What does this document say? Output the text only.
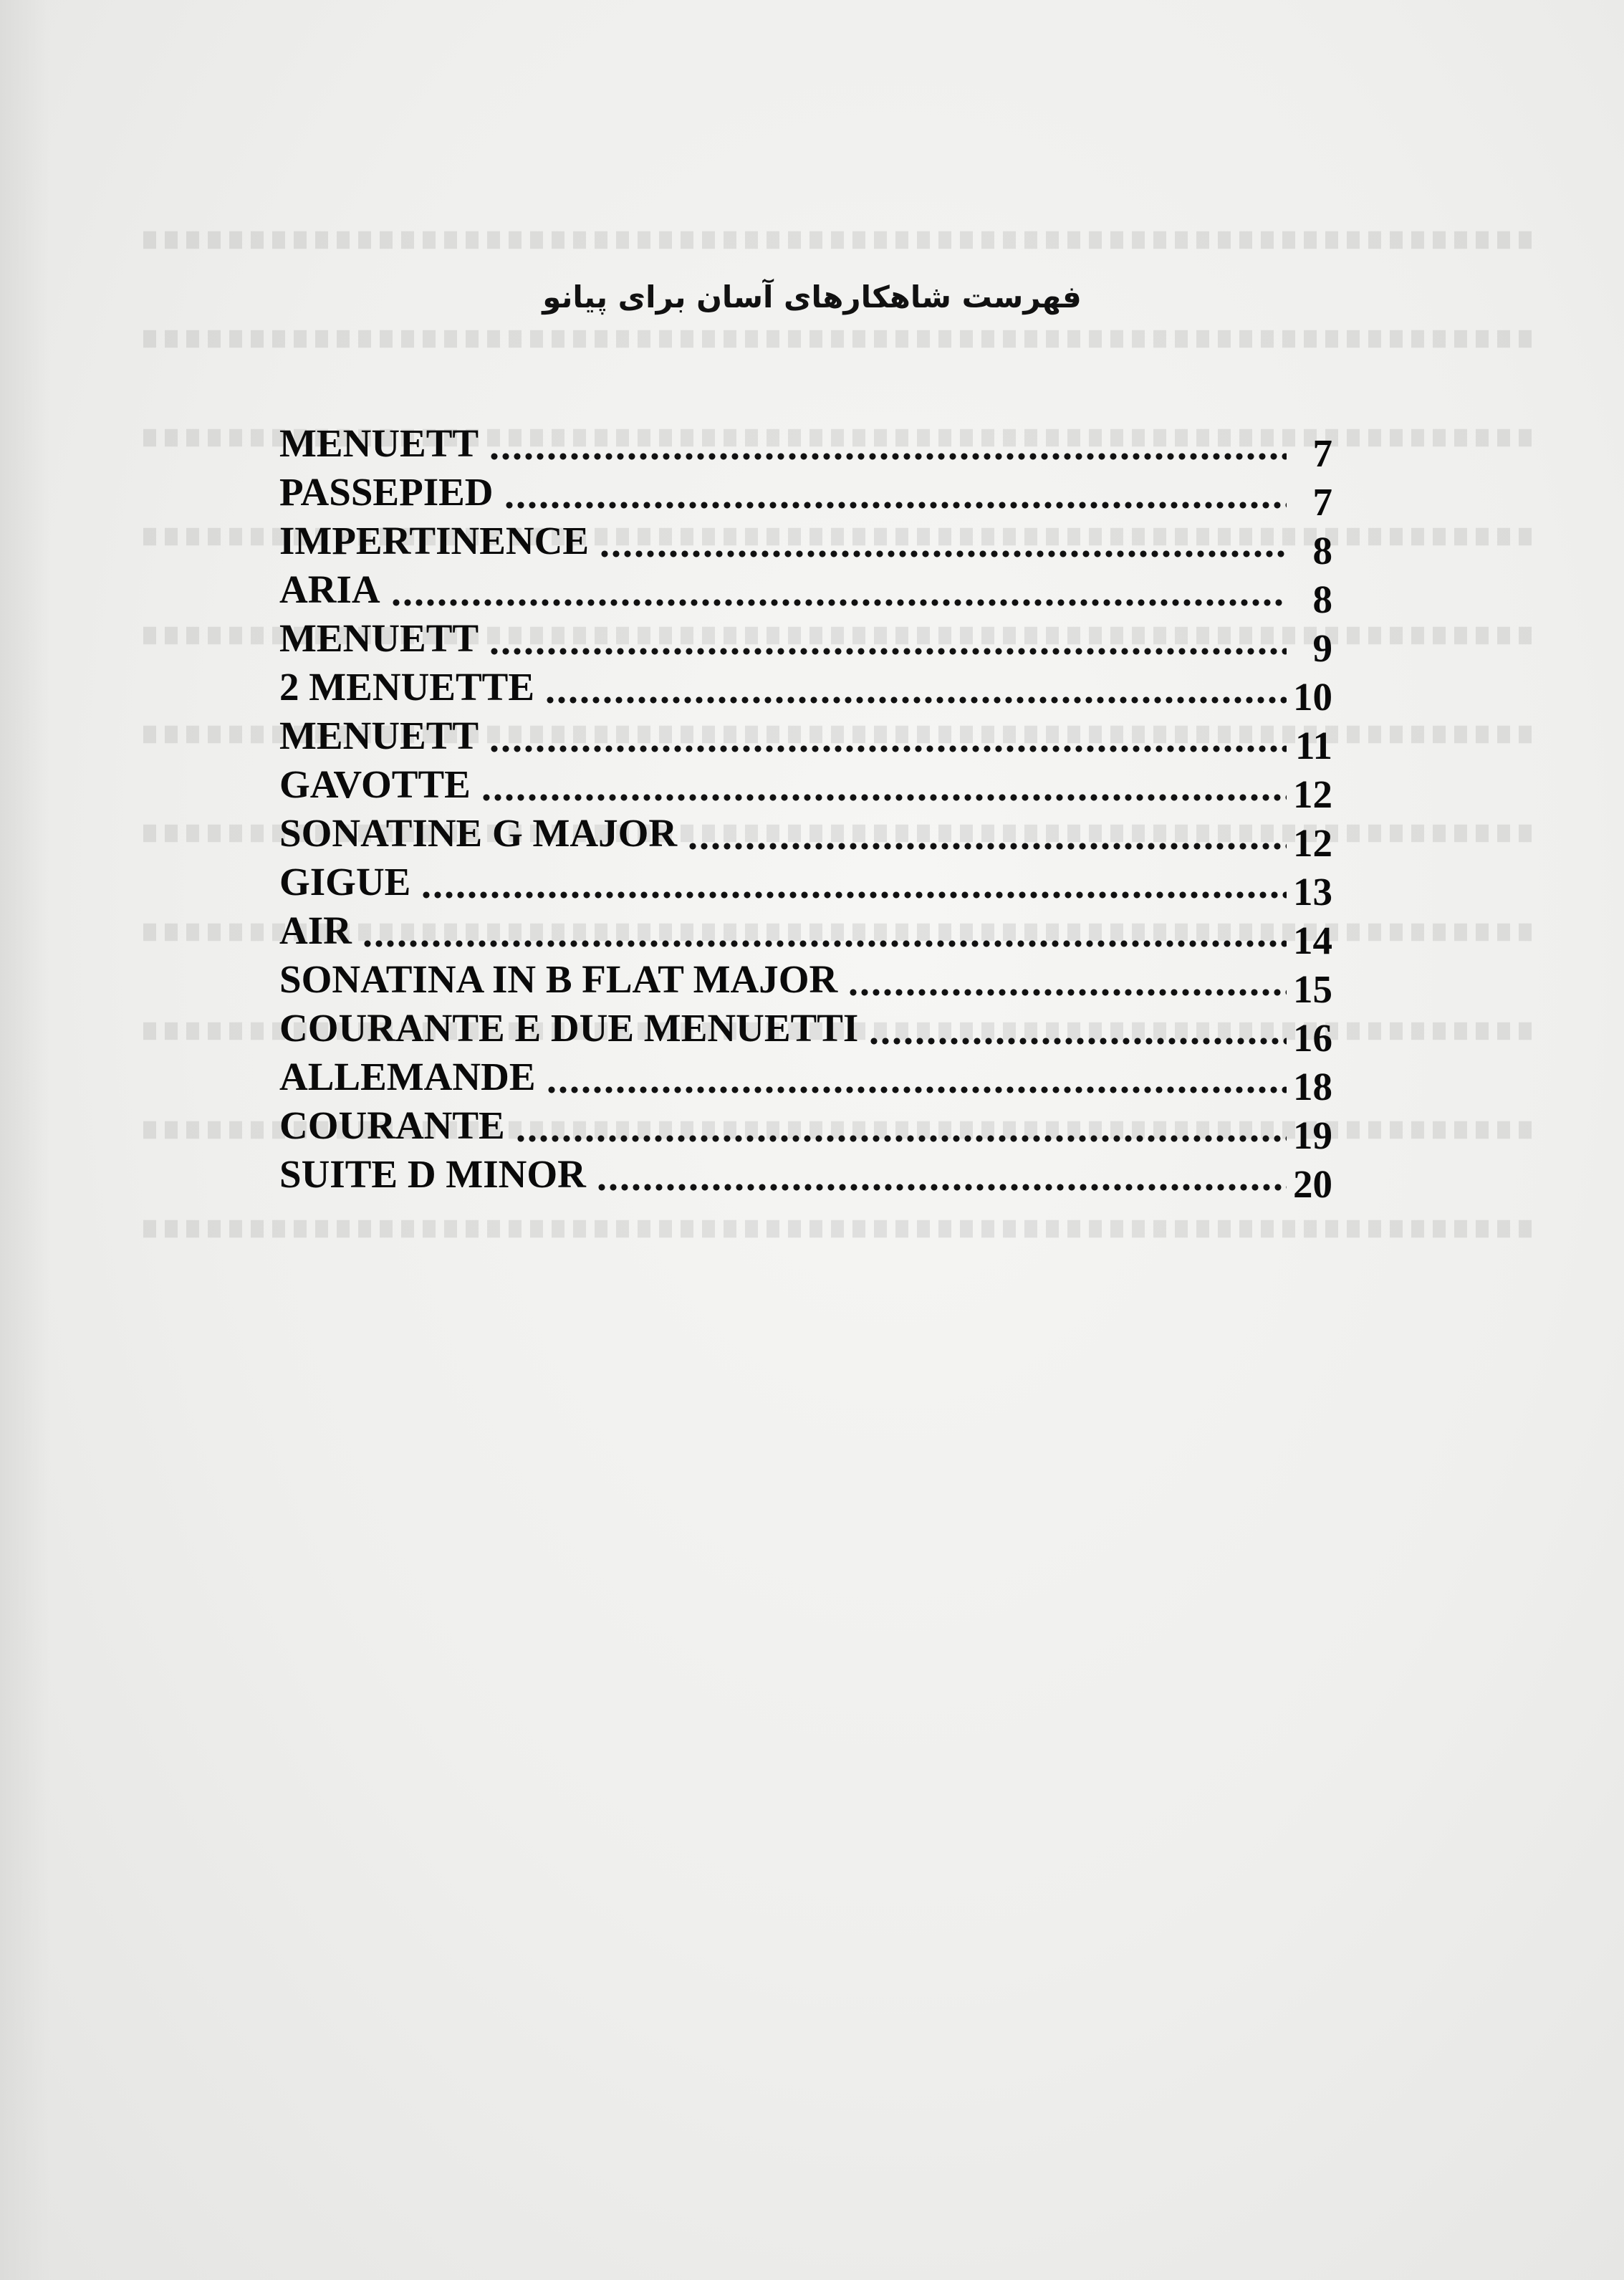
فهرست شاهکارهای آسان برای پیانو
MENUETT	7
PASSEPIED	7
IMPERTINENCE	8
ARIA	8
MENUETT	9
2 MENUETTE	10
MENUETT	11
GAVOTTE	12
SONATINE G MAJOR	12
GIGUE	13
AIR	14
SONATINA IN B FLAT MAJOR	15
COURANTE E DUE MENUETTI	16
ALLEMANDE	18
COURANTE	19
SUITE D MINOR	20
